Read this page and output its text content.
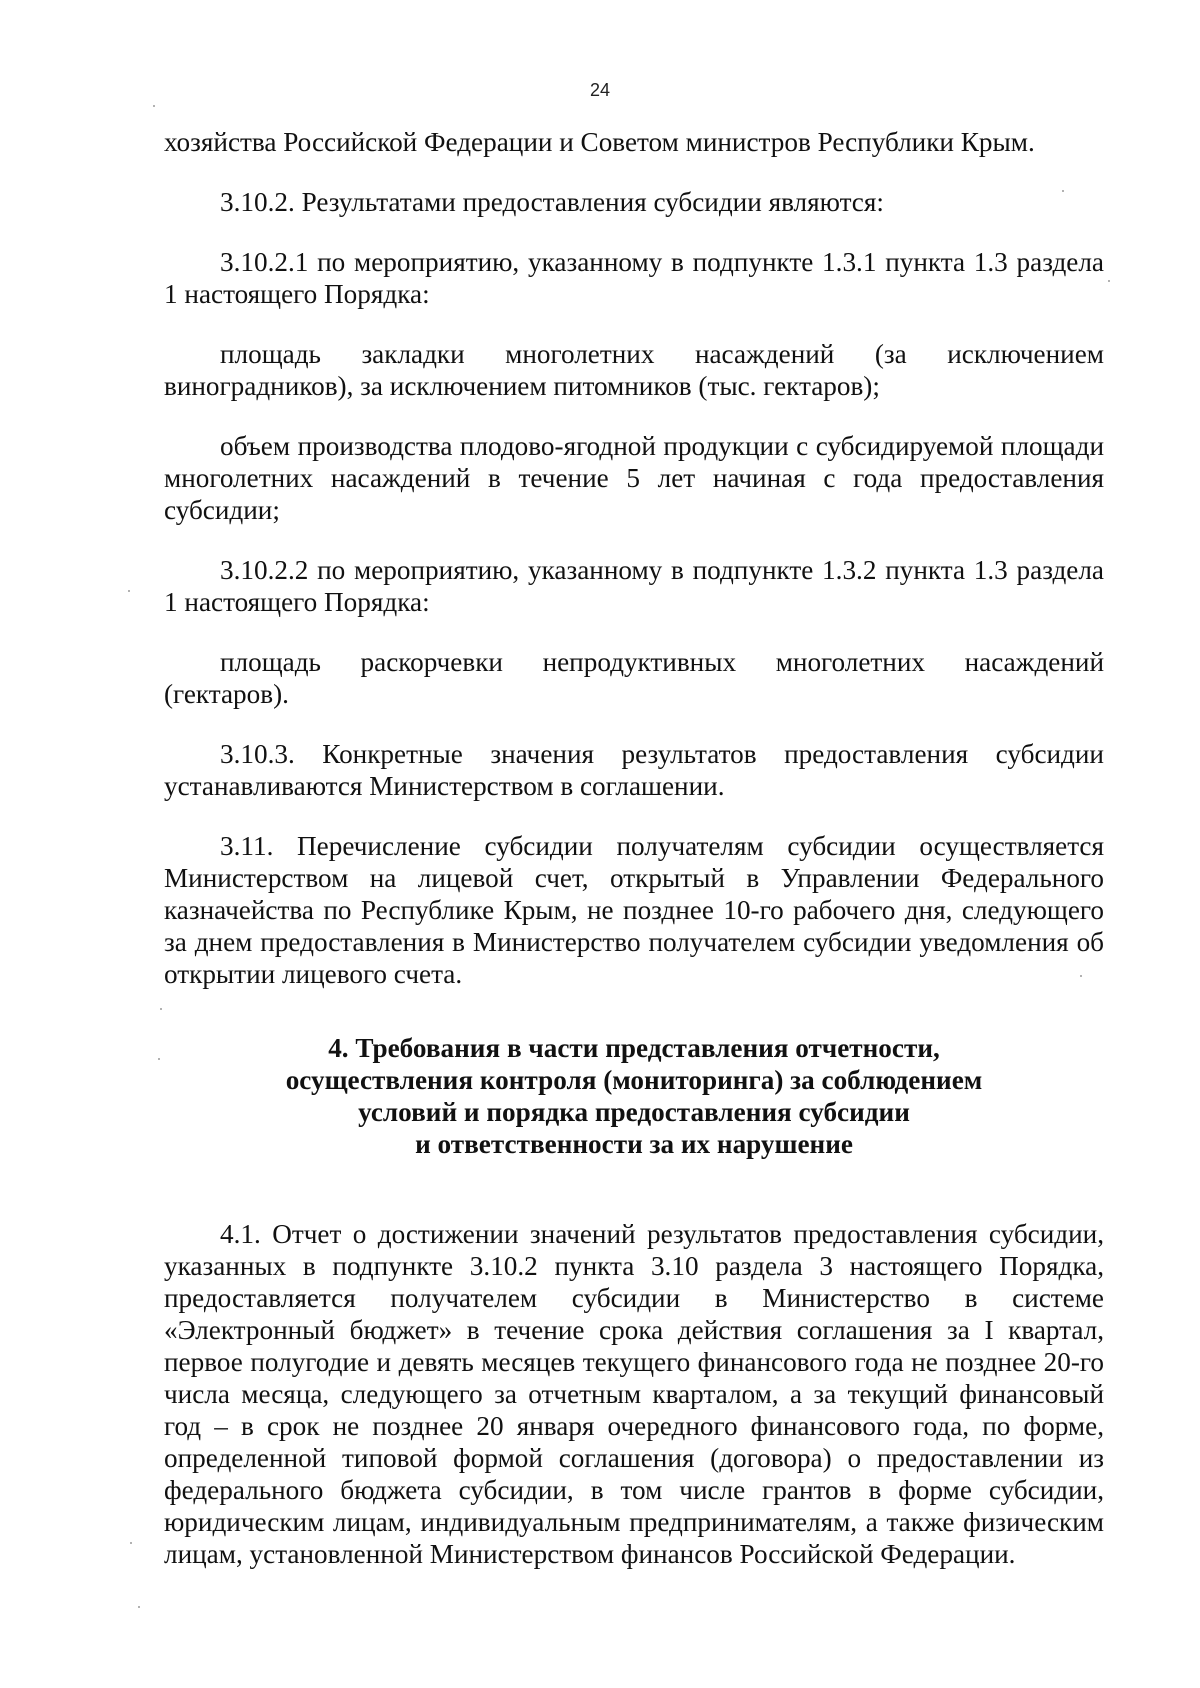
24

хозяйства Российской Федерации и Советом министров Республики Крым.

3.10.2. Результатами предоставления субсидии являются:

3.10.2.1 по мероприятию, указанному в подпункте 1.3.1 пункта 1.3 раздела 1 настоящего Порядка:

площадь закладки многолетних насаждений (за исключением виноградников), за исключением питомников (тыс. гектаров);

объем производства плодово-ягодной продукции с субсидируемой площади многолетних насаждений в течение 5 лет начиная с года предоставления субсидии;

3.10.2.2 по мероприятию, указанному в подпункте 1.3.2 пункта 1.3 раздела 1 настоящего Порядка:

площадь раскорчевки непродуктивных многолетних насаждений (гектаров).

3.10.3. Конкретные значения результатов предоставления субсидии устанавливаются Министерством в соглашении.

3.11. Перечисление субсидии получателям субсидии осуществляется Министерством на лицевой счет, открытый в Управлении Федерального казначейства по Республике Крым, не позднее 10-го рабочего дня, следующего за днем предоставления в Министерство получателем субсидии уведомления об открытии лицевого счета.

4. Требования в части представления отчетности,
осуществления контроля (мониторинга) за соблюдением
условий и порядка предоставления субсидии
и ответственности за их нарушение

4.1. Отчет о достижении значений результатов предоставления субсидии, указанных в подпункте 3.10.2 пункта 3.10 раздела 3 настоящего Порядка, предоставляется получателем субсидии в Министерство в системе «Электронный бюджет» в течение срока действия соглашения за I квартал, первое полугодие и девять месяцев текущего финансового года не позднее 20-го числа месяца, следующего за отчетным кварталом, а за текущий финансовый год – в срок не позднее 20 января очередного финансового года, по форме, определенной типовой формой соглашения (договора) о предоставлении из федерального бюджета субсидии, в том числе грантов в форме субсидии, юридическим лицам, индивидуальным предпринимателям, а также физическим лицам, установленной Министерством финансов Российской Федерации.
